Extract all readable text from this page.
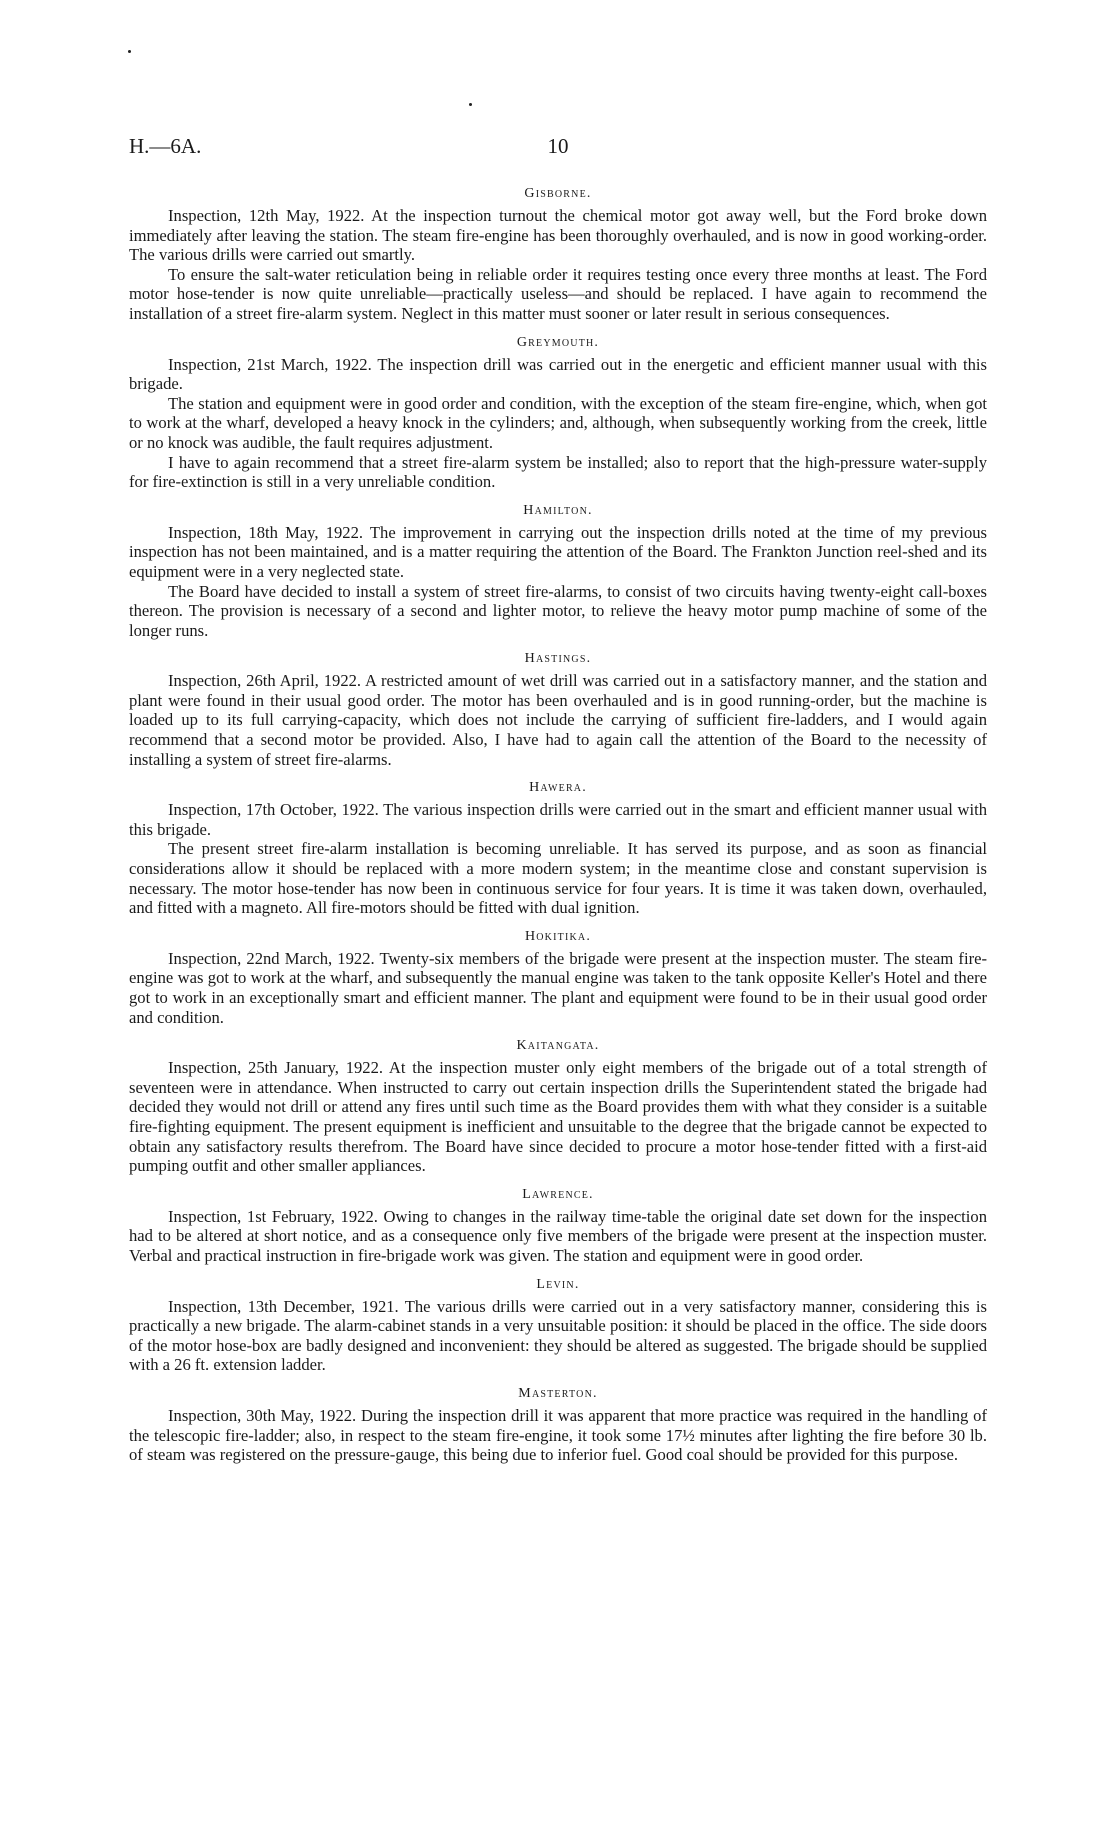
H.—6A.	10
Gisborne.

Inspection, 12th May, 1922. At the inspection turnout the chemical motor got away well, but the Ford broke down immediately after leaving the station. The steam fire-engine has been thoroughly overhauled, and is now in good working-order. The various drills were carried out smartly.

To ensure the salt-water reticulation being in reliable order it requires testing once every three months at least. The Ford motor hose-tender is now quite unreliable—practically useless—and should be replaced. I have again to recommend the installation of a street fire-alarm system. Neglect in this matter must sooner or later result in serious consequences.

Greymouth.

Inspection, 21st March, 1922. The inspection drill was carried out in the energetic and efficient manner usual with this brigade.

The station and equipment were in good order and condition, with the exception of the steam fire-engine, which, when got to work at the wharf, developed a heavy knock in the cylinders; and, although, when subsequently working from the creek, little or no knock was audible, the fault requires adjustment.

I have to again recommend that a street fire-alarm system be installed; also to report that the high-pressure water-supply for fire-extinction is still in a very unreliable condition.

Hamilton.

Inspection, 18th May, 1922. The improvement in carrying out the inspection drills noted at the time of my previous inspection has not been maintained, and is a matter requiring the attention of the Board. The Frankton Junction reel-shed and its equipment were in a very neglected state.

The Board have decided to install a system of street fire-alarms, to consist of two circuits having twenty-eight call-boxes thereon. The provision is necessary of a second and lighter motor, to relieve the heavy motor pump machine of some of the longer runs.

Hastings.

Inspection, 26th April, 1922. A restricted amount of wet drill was carried out in a satisfactory manner, and the station and plant were found in their usual good order. The motor has been overhauled and is in good running-order, but the machine is loaded up to its full carrying-capacity, which does not include the carrying of sufficient fire-ladders, and I would again recommend that a second motor be provided. Also, I have had to again call the attention of the Board to the necessity of installing a system of street fire-alarms.

Hawera.

Inspection, 17th October, 1922. The various inspection drills were carried out in the smart and efficient manner usual with this brigade.

The present street fire-alarm installation is becoming unreliable. It has served its purpose, and as soon as financial considerations allow it should be replaced with a more modern system; in the meantime close and constant supervision is necessary. The motor hose-tender has now been in continuous service for four years. It is time it was taken down, overhauled, and fitted with a magneto. All fire-motors should be fitted with dual ignition.

Hokitika.

Inspection, 22nd March, 1922. Twenty-six members of the brigade were present at the inspection muster. The steam fire-engine was got to work at the wharf, and subsequently the manual engine was taken to the tank opposite Keller's Hotel and there got to work in an exceptionally smart and efficient manner. The plant and equipment were found to be in their usual good order and condition.

Kaitangata.

Inspection, 25th January, 1922. At the inspection muster only eight members of the brigade out of a total strength of seventeen were in attendance. When instructed to carry out certain inspection drills the Superintendent stated the brigade had decided they would not drill or attend any fires until such time as the Board provides them with what they consider is a suitable fire-fighting equipment. The present equipment is inefficient and unsuitable to the degree that the brigade cannot be expected to obtain any satisfactory results therefrom. The Board have since decided to procure a motor hose-tender fitted with a first-aid pumping outfit and other smaller appliances.

Lawrence.

Inspection, 1st February, 1922. Owing to changes in the railway time-table the original date set down for the inspection had to be altered at short notice, and as a consequence only five members of the brigade were present at the inspection muster. Verbal and practical instruction in fire-brigade work was given. The station and equipment were in good order.

Levin.

Inspection, 13th December, 1921. The various drills were carried out in a very satisfactory manner, considering this is practically a new brigade. The alarm-cabinet stands in a very unsuitable position: it should be placed in the office. The side doors of the motor hose-box are badly designed and inconvenient: they should be altered as suggested. The brigade should be supplied with a 26 ft. extension ladder.

Masterton.

Inspection, 30th May, 1922. During the inspection drill it was apparent that more practice was required in the handling of the telescopic fire-ladder; also, in respect to the steam fire-engine, it took some 17½ minutes after lighting the fire before 30 lb. of steam was registered on the pressure-gauge, this being due to inferior fuel. Good coal should be provided for this purpose.
